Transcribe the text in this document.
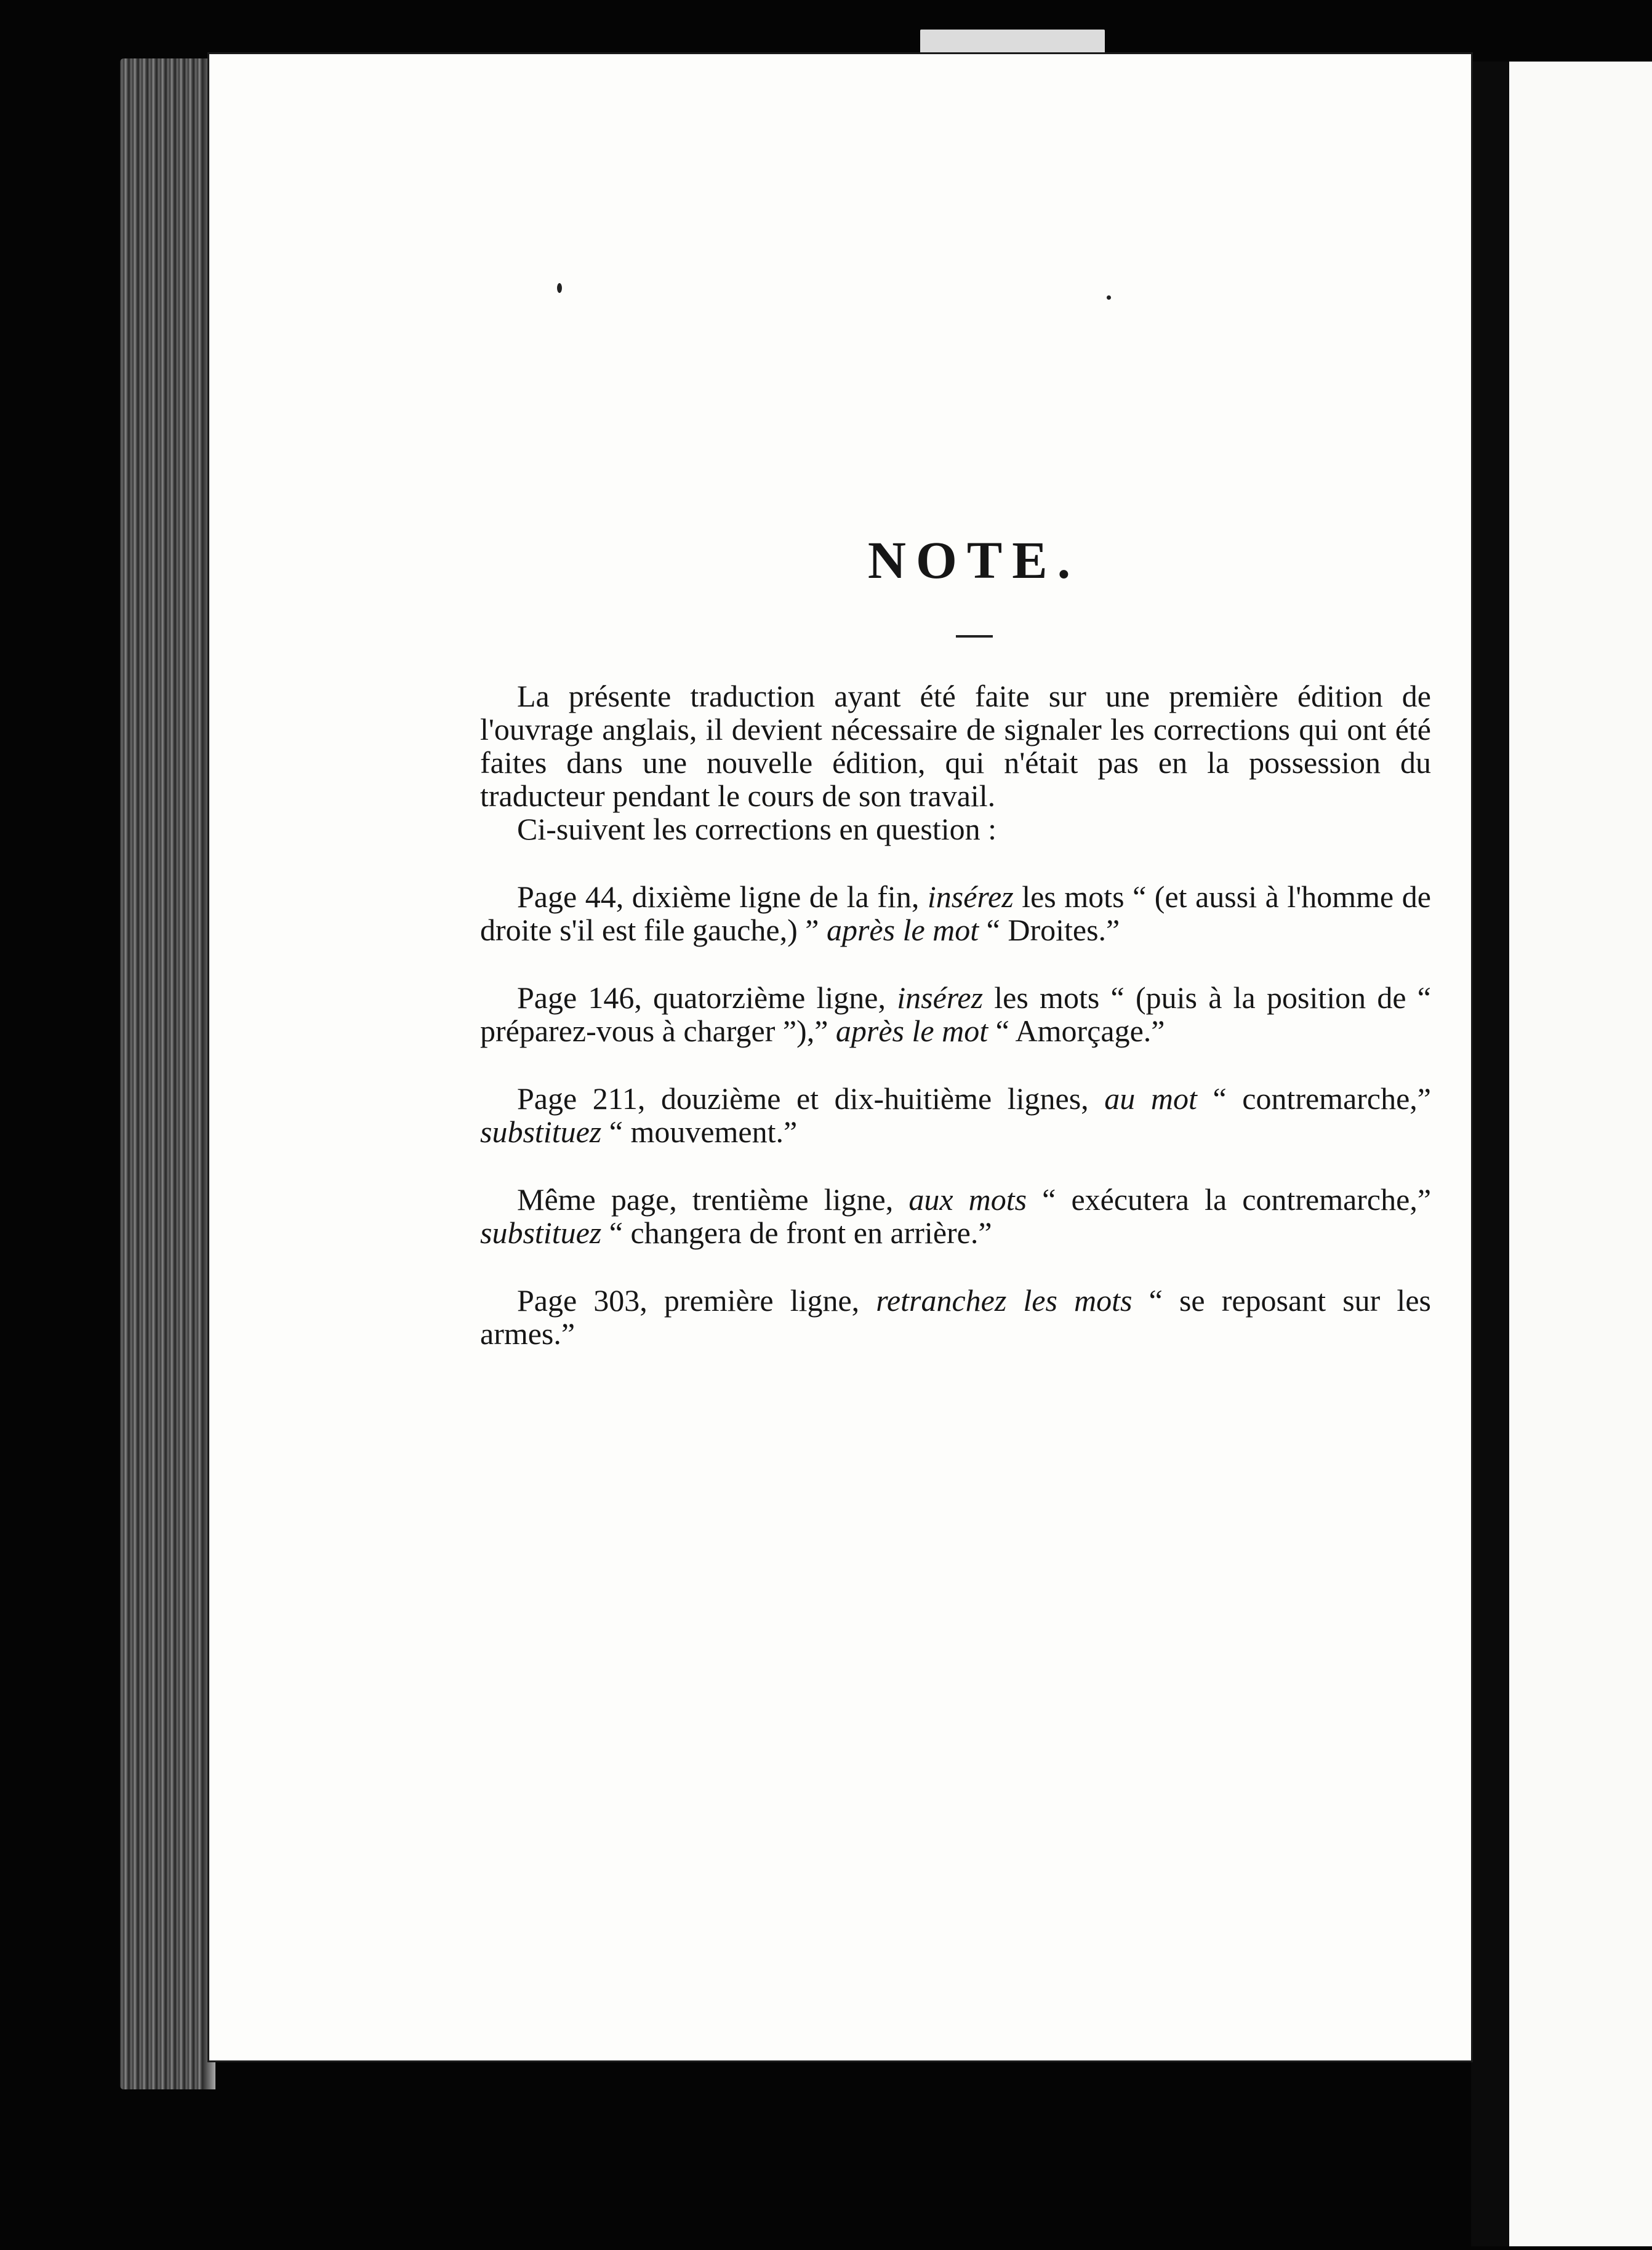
NOTE.

La présente traduction ayant été faite sur une première édition de l'ouvrage anglais, il devient nécessaire de signaler les corrections qui ont été faites dans une nouvelle édition, qui n'était pas en la possession du traducteur pendant le cours de son travail.

Ci-suivent les corrections en question :

Page 44, dixième ligne de la fin, insérez les mots “ (et aussi à l'homme de droite s'il est file gauche,) ” après le mot “ Droites.”

Page 146, quatorzième ligne, insérez les mots “ (puis à la position de “ préparez-vous à charger ”),” après le mot “ Amorçage.”

Page 211, douzième et dix-huitième lignes, au mot “ contremarche,” substituez “ mouvement.”

Même page, trentième ligne, aux mots “ exécutera la contremarche,” substituez “ changera de front en arrière.”

Page 303, première ligne, retranchez les mots “ se reposant sur les armes.”
